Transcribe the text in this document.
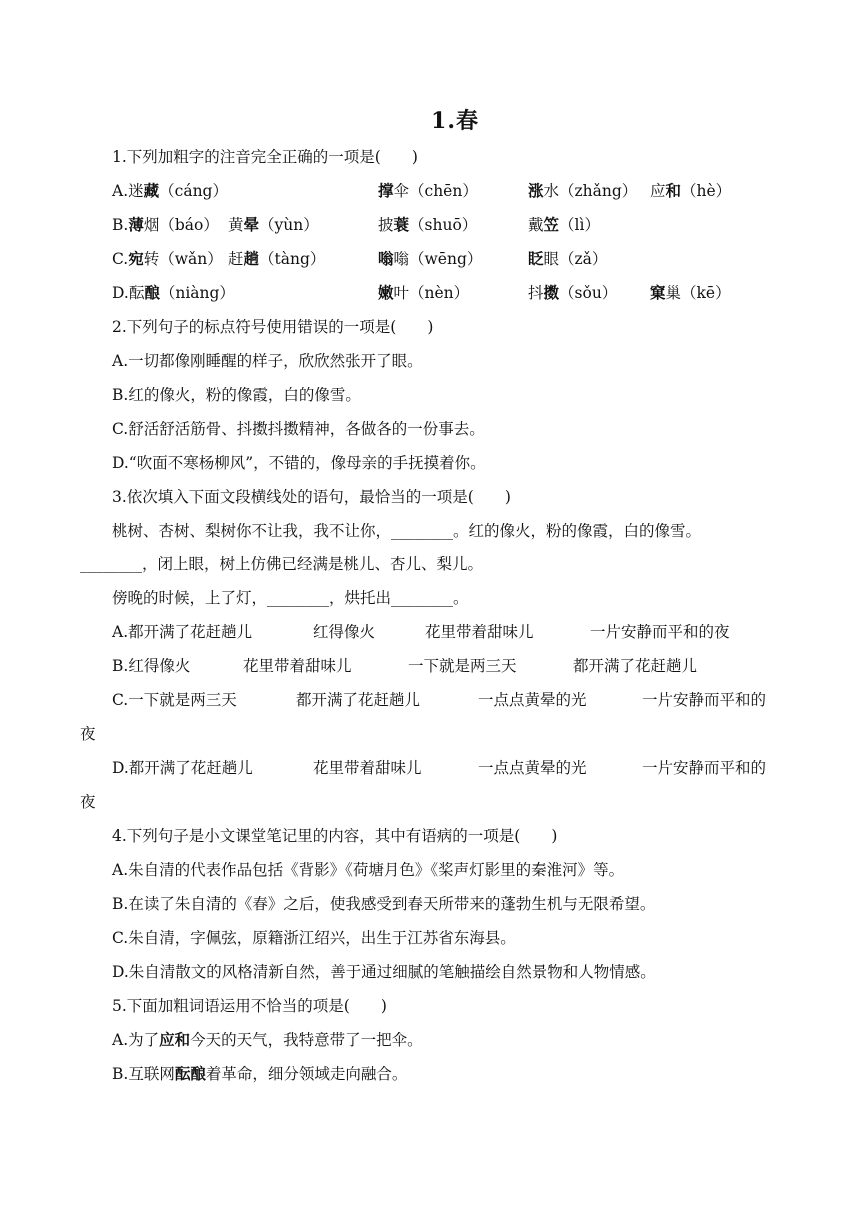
1.春
1.下列加粗字的注音完全正确的一项是(　　)
A.迷藏（cáng）	撑伞（chēn）	涨水（zhǎng） 应和（hè）
B.薄烟（báo） 黄晕（yùn）	披蓑（shuō）	戴笠（lì）
C.宛转（wǎn） 赶趟（tàng）	嗡嗡（wēng）	眨眼（zǎ）
D.酝酿（niàng）	嫩叶（nèn）	抖擞（sǒu） 窠巢（kē）
2.下列句子的标点符号使用错误的一项是(　　)
A.一切都像刚睡醒的样子，欣欣然张开了眼。
B.红的像火，粉的像霞，白的像雪。
C.舒活舒活筋骨、抖擞抖擞精神，各做各的一份事去。
D.“吹面不寒杨柳风”，不错的，像母亲的手抚摸着你。
3.依次填入下面文段横线处的语句，最恰当的一项是(　　)
桃树、杏树、梨树你不让我，我不让你，________。红的像火，粉的像霞，白的像雪。
________，闭上眼，树上仿佛已经满是桃儿、杏儿、梨儿。
傍晚的时候，上了灯，________，烘托出________。
A.都开满了花赶趟儿	红得像火	花里带着甜味儿	一片安静而平和的夜
B.红得像火	花里带着甜味儿	一下就是两三天	都开满了花赶趟儿
C.一下就是两三天	都开满了花赶趟儿	一点点黄晕的光	一片安静而平和的
夜
D.都开满了花赶趟儿	花里带着甜味儿	一点点黄晕的光	一片安静而平和的
夜
4.下列句子是小文课堂笔记里的内容，其中有语病的一项是(　　)
A.朱自清的代表作品包括《背影》《荷塘月色》《桨声灯影里的秦淮河》等。
B.在读了朱自清的《春》之后，使我感受到春天所带来的蓬勃生机与无限希望。
C.朱自清，字佩弦，原籍浙江绍兴，出生于江苏省东海县。
D.朱自清散文的风格清新自然，善于通过细腻的笔触描绘自然景物和人物情感。
5.下面加粗词语运用不恰当的项是(　　)
A.为了应和今天的天气，我特意带了一把伞。
B.互联网酝酿着革命，细分领域走向融合。
